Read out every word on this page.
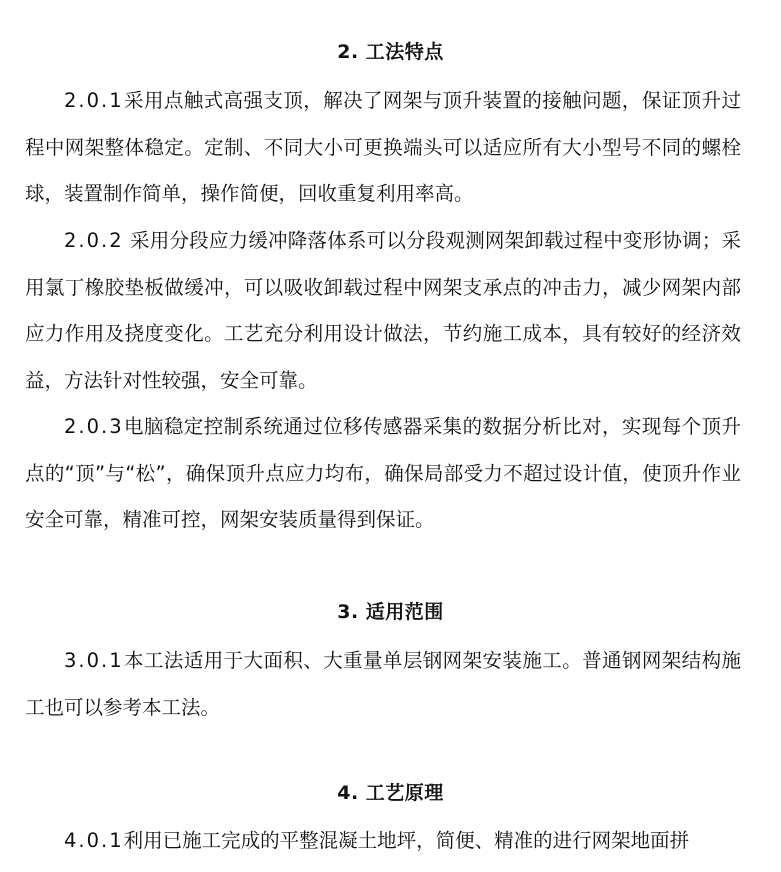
2. 工法特点

2.0.1采用点触式高强支顶，解决了网架与顶升装置的接触问题，保证顶升过程中网架整体稳定。定制、不同大小可更换端头可以适应所有大小型号不同的螺栓球，装置制作简单，操作简便，回收重复利用率高。

2.0.2 采用分段应力缓冲降落体系可以分段观测网架卸载过程中变形协调；采用氯丁橡胶垫板做缓冲，可以吸收卸载过程中网架支承点的冲击力，减少网架内部应力作用及挠度变化。工艺充分利用设计做法，节约施工成本，具有较好的经济效益，方法针对性较强，安全可靠。

2.0.3电脑稳定控制系统通过位移传感器采集的数据分析比对，实现每个顶升点的“顶”与“松”，确保顶升点应力均布，确保局部受力不超过设计值，使顶升作业安全可靠，精准可控，网架安装质量得到保证。

3. 适用范围

3.0.1本工法适用于大面积、大重量单层钢网架安装施工。普通钢网架结构施工也可以参考本工法。

4. 工艺原理

4.0.1利用已施工完成的平整混凝土地坪，简便、精准的进行网架地面拼
